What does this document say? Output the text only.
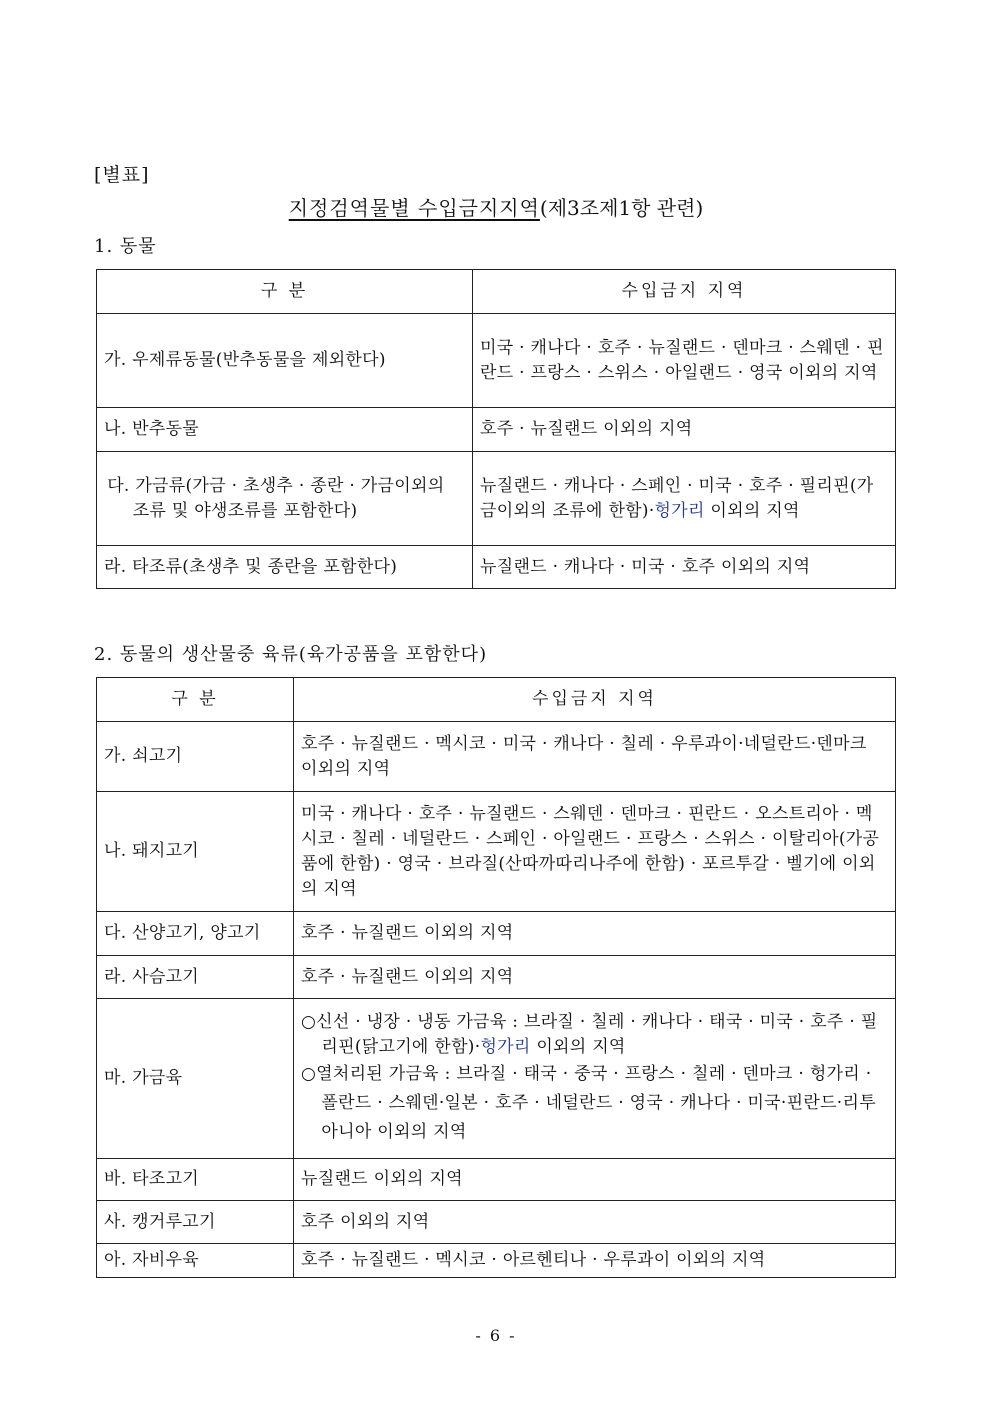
[별표]
지정검역물별 수입금지지역(제3조제1항 관련)
1. 동물
구 분	수입금지 지역
가. 우제류동물(반추동물을 제외한다)	미국 · 캐나다 · 호주 · 뉴질랜드 · 덴마크 · 스웨덴 · 핀란드 · 프랑스 · 스위스 · 아일랜드 · 영국 이외의 지역
나. 반추동물	호주 · 뉴질랜드 이외의 지역
다. 가금류(가금 · 초생추 · 종란 · 가금이외의 조류 및 야생조류를 포함한다)	뉴질랜드 · 캐나다 · 스페인 · 미국 · 호주 · 필리핀(가금이외의 조류에 한함)·헝가리 이외의 지역
라. 타조류(초생추 및 종란을 포함한다)	뉴질랜드 · 캐나다 · 미국 · 호주 이외의 지역
2. 동물의 생산물중 육류(육가공품을 포함한다)
구 분	수입금지 지역
가. 쇠고기	호주 · 뉴질랜드 · 멕시코 · 미국 · 캐나다 · 칠레 · 우루과이·네덜란드·덴마크 이외의 지역
나. 돼지고기	미국 · 캐나다 · 호주 · 뉴질랜드 · 스웨덴 · 덴마크 · 핀란드 · 오스트리아 · 멕시코 · 칠레 · 네덜란드 · 스페인 · 아일랜드 · 프랑스 · 스위스 · 이탈리아(가공품에 한함) · 영국 · 브라질(산따까따리나주에 한함) · 포르투갈 · 벨기에 이외의 지역
다. 산양고기, 양고기	호주 · 뉴질랜드 이외의 지역
라. 사슴고기	호주 · 뉴질랜드 이외의 지역
마. 가금육	○신선 · 냉장 · 냉동 가금육 : 브라질 · 칠레 · 캐나다 · 태국 · 미국 · 호주 · 필리핀(닭고기에 한함)·헝가리 이외의 지역
○열처리된 가금육 : 브라질 · 태국 · 중국 · 프랑스 · 칠레 · 덴마크 · 헝가리 · 폴란드 · 스웨덴·일본 · 호주 · 네덜란드 · 영국 · 캐나다 · 미국·핀란드·리투아니아 이외의 지역

바. 타조고기	뉴질랜드 이외의 지역
사. 캥거루고기	호주 이외의 지역
아. 자비우육	호주 · 뉴질랜드 · 멕시코 · 아르헨티나 · 우루과이 이외의 지역
- 6 -
